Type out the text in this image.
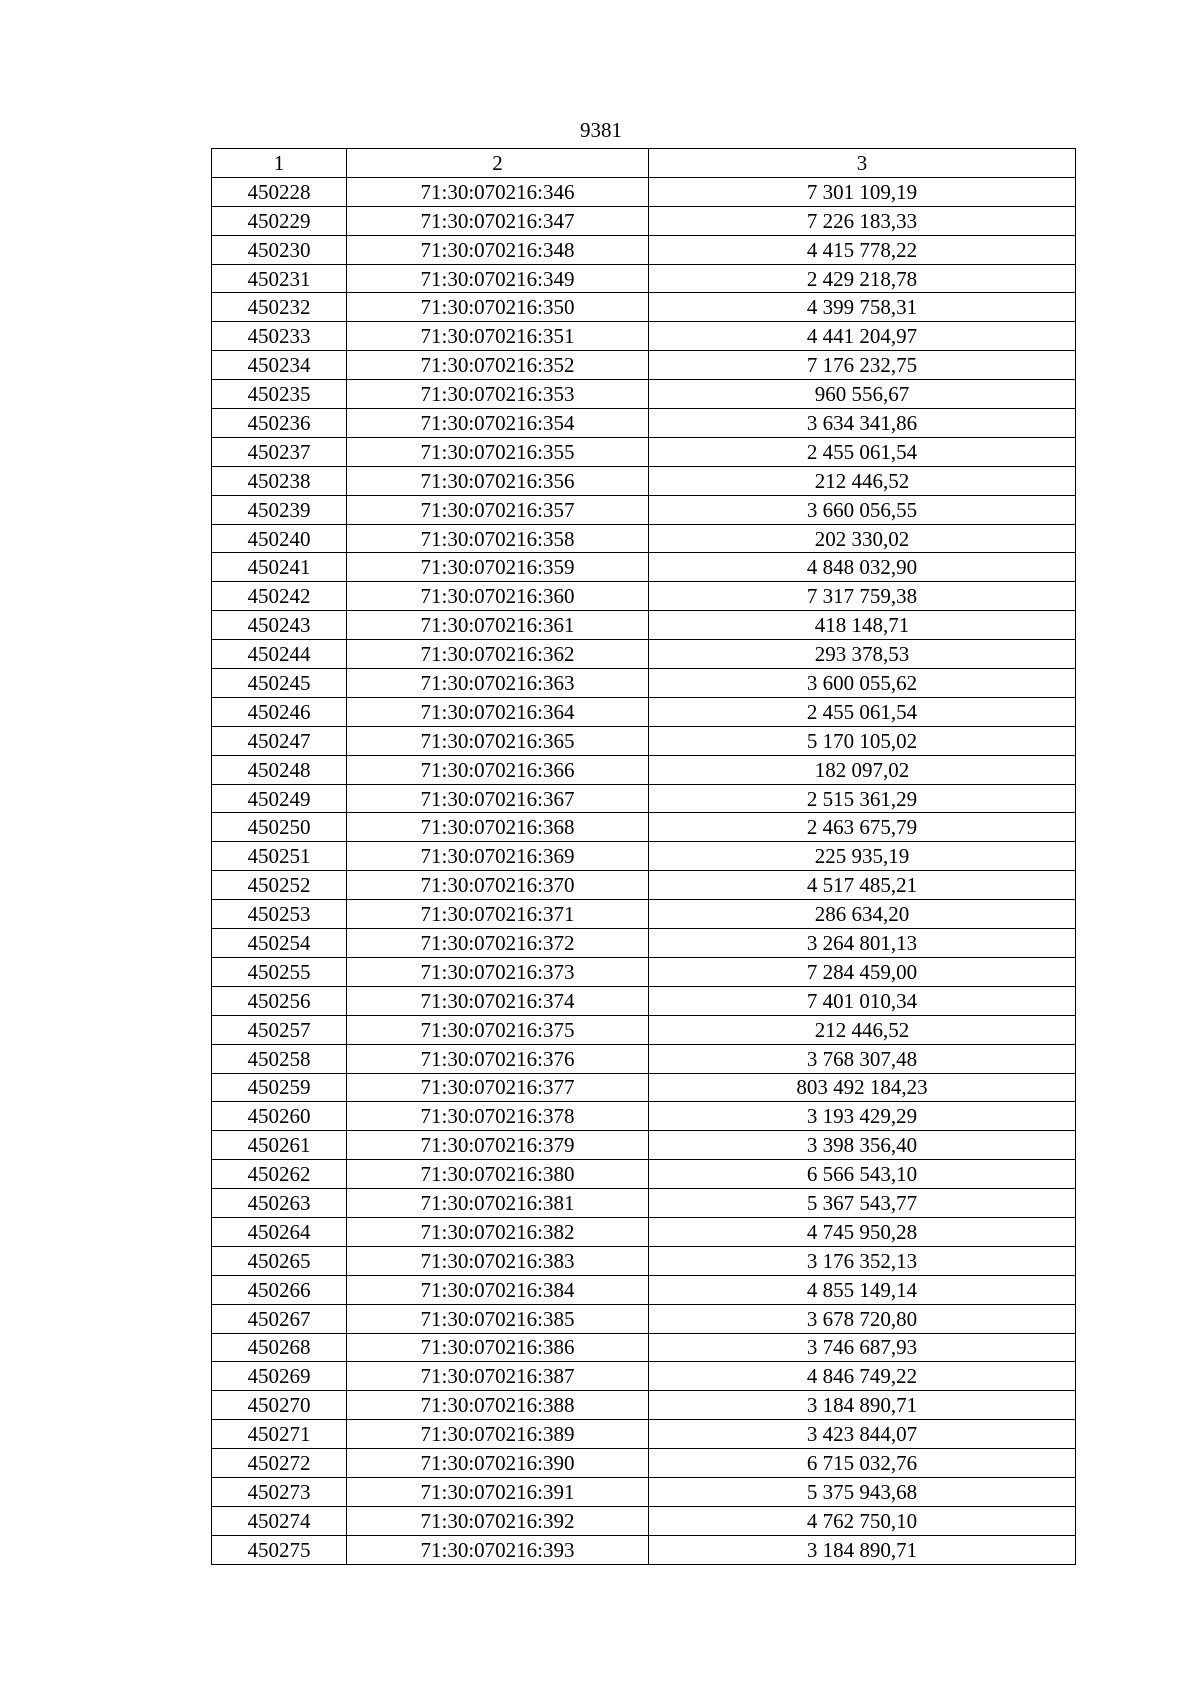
9381
1	2	3
450228	71:30:070216:346	7 301 109,19
450229	71:30:070216:347	7 226 183,33
450230	71:30:070216:348	4 415 778,22
450231	71:30:070216:349	2 429 218,78
450232	71:30:070216:350	4 399 758,31
450233	71:30:070216:351	4 441 204,97
450234	71:30:070216:352	7 176 232,75
450235	71:30:070216:353	960 556,67
450236	71:30:070216:354	3 634 341,86
450237	71:30:070216:355	2 455 061,54
450238	71:30:070216:356	212 446,52
450239	71:30:070216:357	3 660 056,55
450240	71:30:070216:358	202 330,02
450241	71:30:070216:359	4 848 032,90
450242	71:30:070216:360	7 317 759,38
450243	71:30:070216:361	418 148,71
450244	71:30:070216:362	293 378,53
450245	71:30:070216:363	3 600 055,62
450246	71:30:070216:364	2 455 061,54
450247	71:30:070216:365	5 170 105,02
450248	71:30:070216:366	182 097,02
450249	71:30:070216:367	2 515 361,29
450250	71:30:070216:368	2 463 675,79
450251	71:30:070216:369	225 935,19
450252	71:30:070216:370	4 517 485,21
450253	71:30:070216:371	286 634,20
450254	71:30:070216:372	3 264 801,13
450255	71:30:070216:373	7 284 459,00
450256	71:30:070216:374	7 401 010,34
450257	71:30:070216:375	212 446,52
450258	71:30:070216:376	3 768 307,48
450259	71:30:070216:377	803 492 184,23
450260	71:30:070216:378	3 193 429,29
450261	71:30:070216:379	3 398 356,40
450262	71:30:070216:380	6 566 543,10
450263	71:30:070216:381	5 367 543,77
450264	71:30:070216:382	4 745 950,28
450265	71:30:070216:383	3 176 352,13
450266	71:30:070216:384	4 855 149,14
450267	71:30:070216:385	3 678 720,80
450268	71:30:070216:386	3 746 687,93
450269	71:30:070216:387	4 846 749,22
450270	71:30:070216:388	3 184 890,71
450271	71:30:070216:389	3 423 844,07
450272	71:30:070216:390	6 715 032,76
450273	71:30:070216:391	5 375 943,68
450274	71:30:070216:392	4 762 750,10
450275	71:30:070216:393	3 184 890,71
